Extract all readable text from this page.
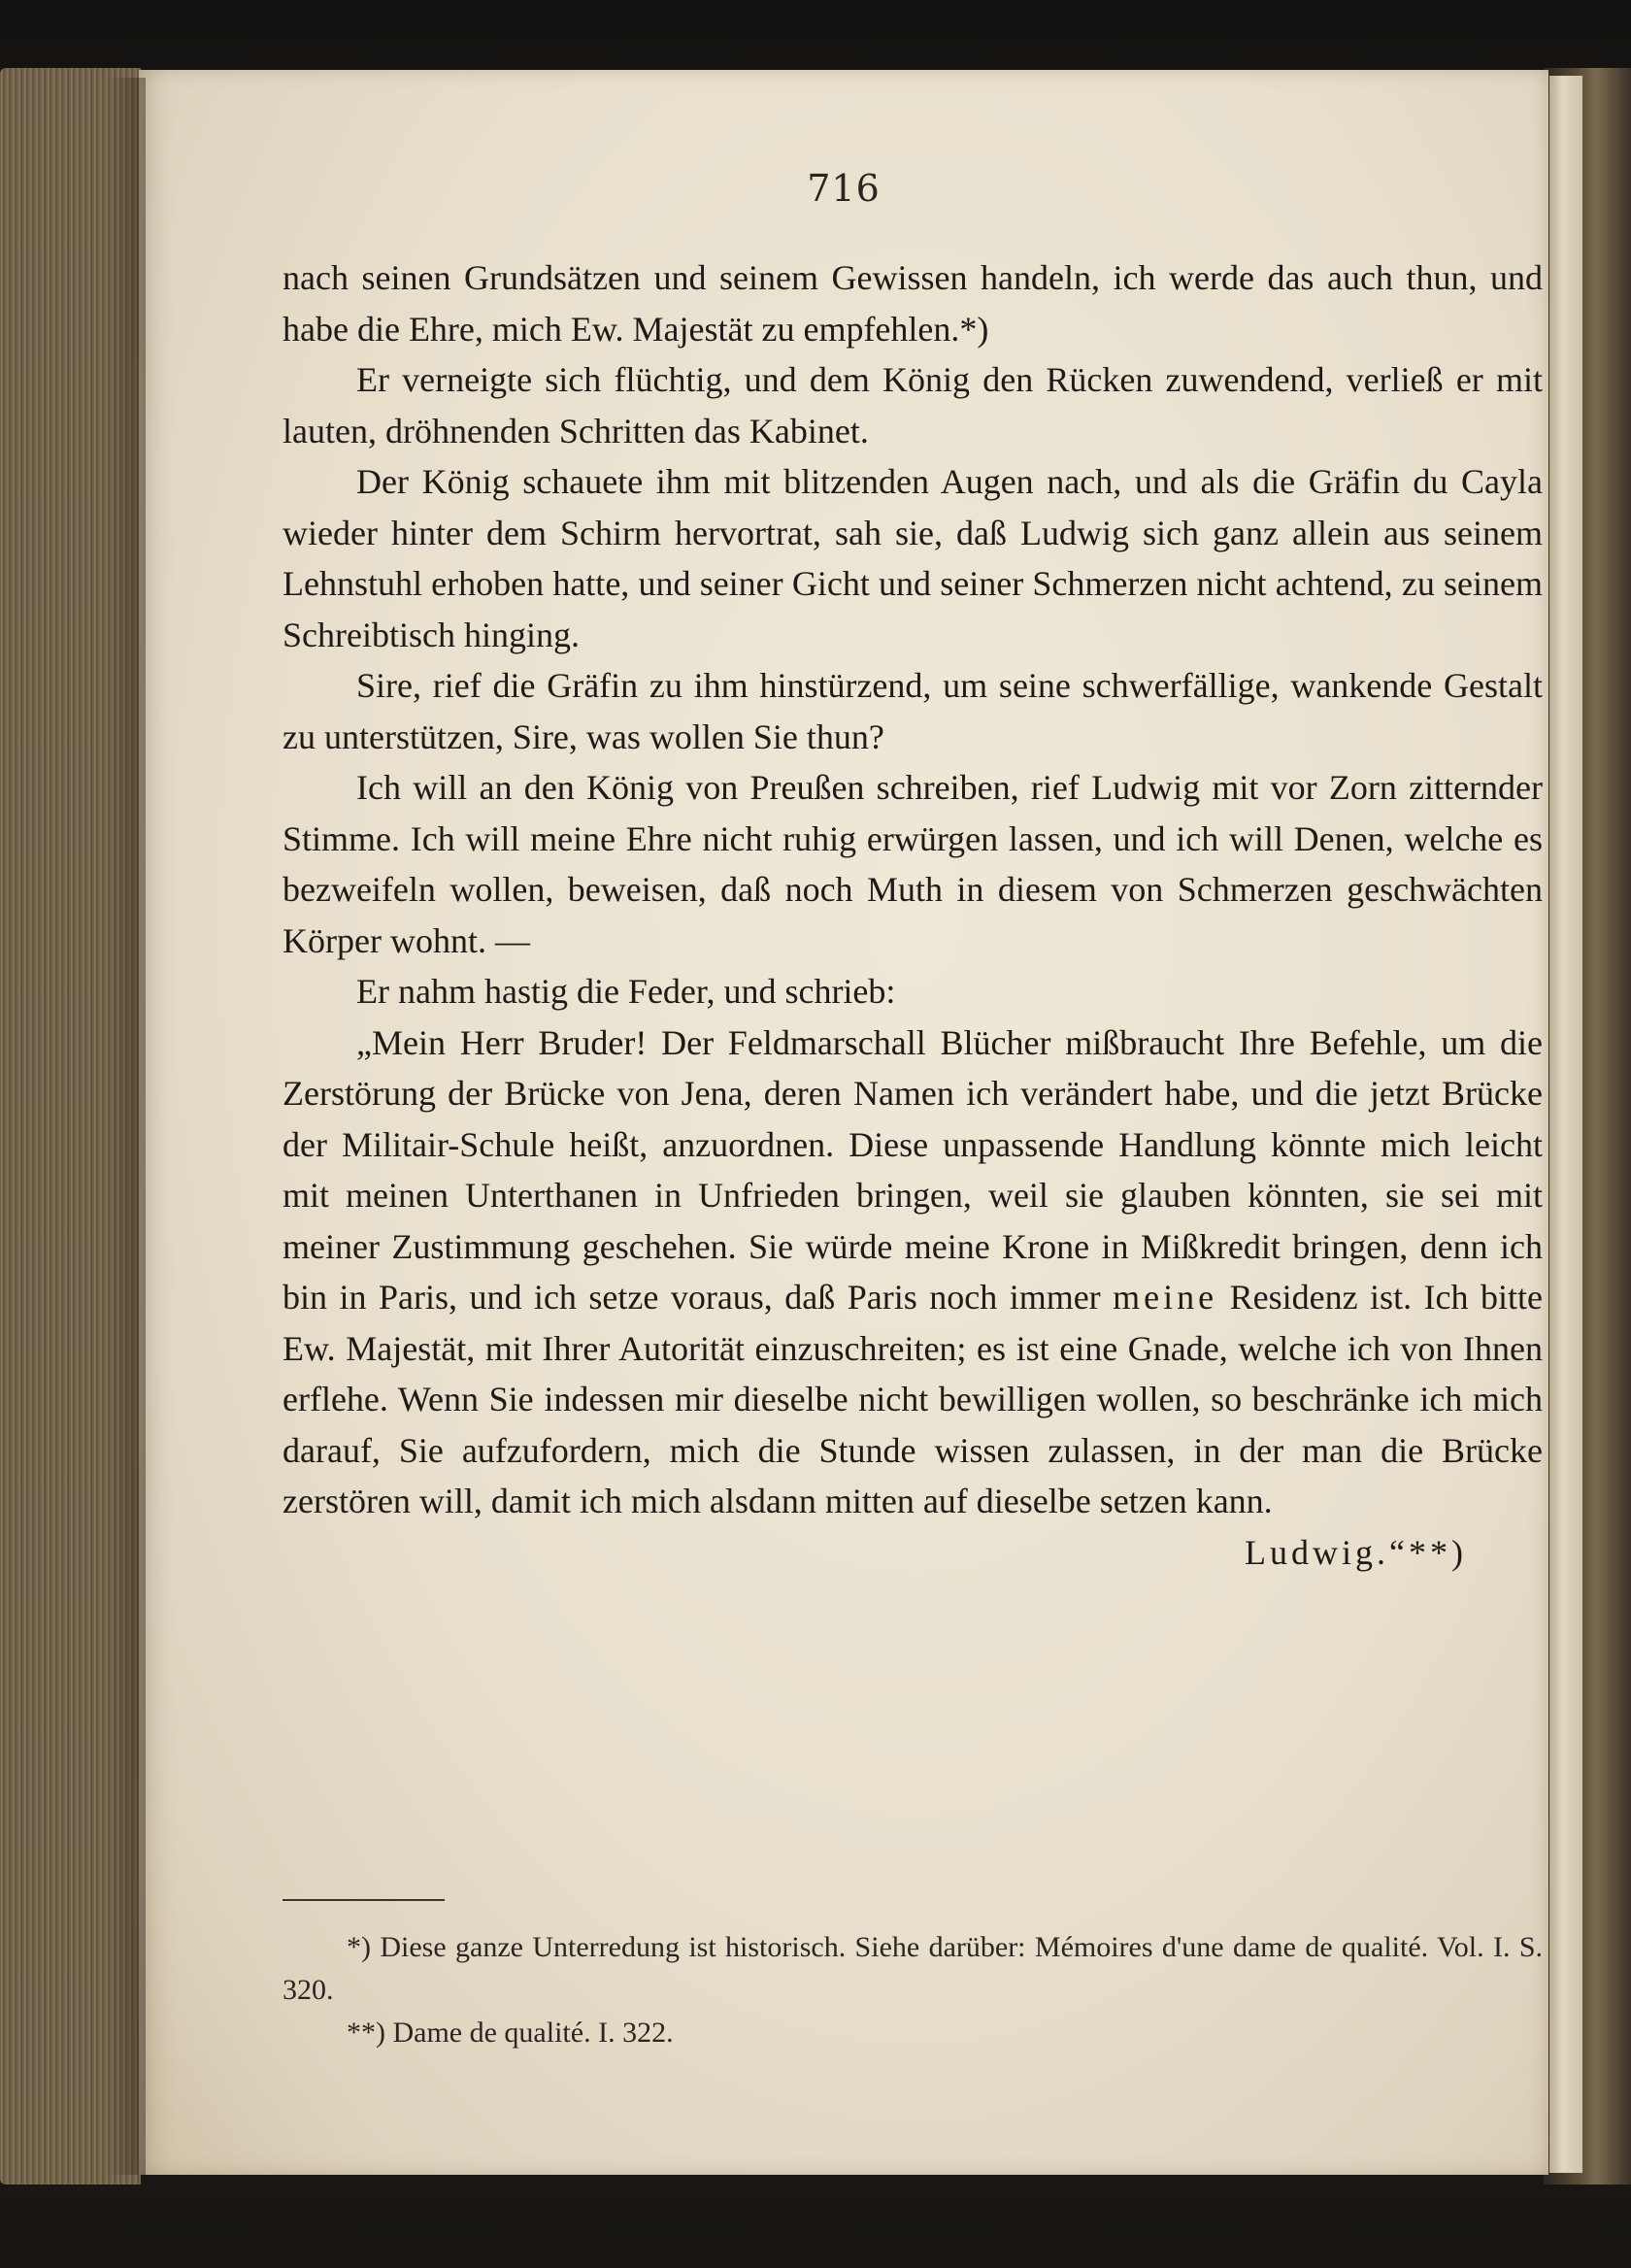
716

nach seinen Grundsätzen und seinem Gewissen handeln, ich werde das auch thun, und habe die Ehre, mich Ew. Majestät zu empfehlen.*)

Er verneigte sich flüchtig, und dem König den Rücken zuwendend, verließ er mit lauten, dröhnenden Schritten das Kabinet.

Der König schauete ihm mit blitzenden Augen nach, und als die Gräfin du Cayla wieder hinter dem Schirm hervortrat, sah sie, daß Ludwig sich ganz allein aus seinem Lehnstuhl erhoben hatte, und seiner Gicht und seiner Schmerzen nicht achtend, zu seinem Schreibtisch hinging.

Sire, rief die Gräfin zu ihm hinstürzend, um seine schwerfällige, wankende Gestalt zu unterstützen, Sire, was wollen Sie thun?

Ich will an den König von Preußen schreiben, rief Ludwig mit vor Zorn zitternder Stimme. Ich will meine Ehre nicht ruhig erwürgen lassen, und ich will Denen, welche es bezweifeln wollen, beweisen, daß noch Muth in diesem von Schmerzen geschwächten Körper wohnt. —

Er nahm hastig die Feder, und schrieb:

„Mein Herr Bruder! Der Feldmarschall Blücher mißbraucht Ihre Befehle, um die Zerstörung der Brücke von Jena, deren Namen ich verändert habe, und die jetzt Brücke der Militair-Schule heißt, anzuordnen. Diese unpassende Handlung könnte mich leicht mit meinen Unterthanen in Unfrieden bringen, weil sie glauben könnten, sie sei mit meiner Zustimmung geschehen. Sie würde meine Krone in Mißkredit bringen, denn ich bin in Paris, und ich setze voraus, daß Paris noch immer meine Residenz ist. Ich bitte Ew. Majestät, mit Ihrer Autorität einzuschreiten; es ist eine Gnade, welche ich von Ihnen erflehe. Wenn Sie indessen mir dieselbe nicht bewilligen wollen, so beschränke ich mich darauf, Sie aufzufordern, mich die Stunde wissen zulassen, in der man die Brücke zerstören will, damit ich mich alsdann mitten auf dieselbe setzen kann.
Ludwig.“**)

*) Diese ganze Unterredung ist historisch. Siehe darüber: Mémoires d'une dame de qualité. Vol. I. S. 320.

**) Dame de qualité. I. 322.
